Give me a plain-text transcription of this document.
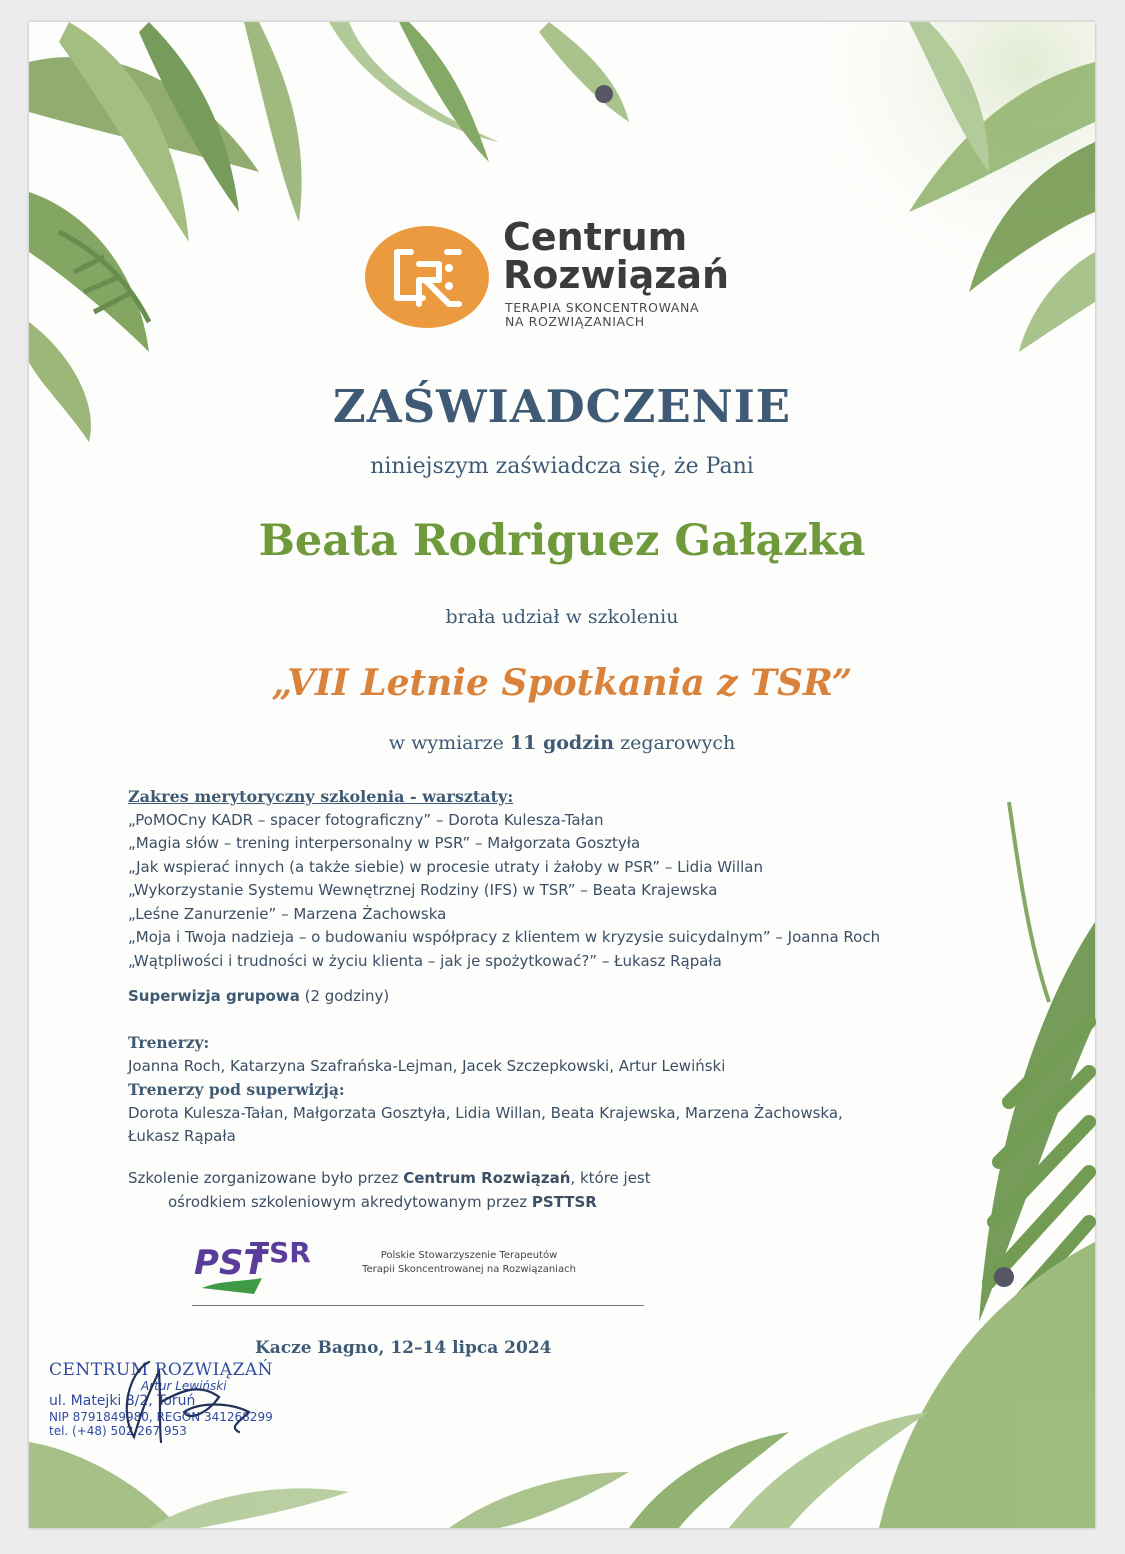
Centrum
Rozwiązań
TERAPIA SKONCENTROWANA
NA ROZWIĄZANIACH
ZAŚWIADCZENIE
niniejszym zaświadcza się, że Pani
Beata Rodriguez Gałązka
brała udział w szkoleniu
„VII Letnie Spotkania z TSR”
w wymiarze 11 godzin zegarowych
Zakres merytoryczny szkolenia - warsztaty:
„PoMOCny KADR – spacer fotograficzny” – Dorota Kulesza-Tałan
„Magia słów – trening interpersonalny w PSR” – Małgorzata Gosztyła
„Jak wspierać innych (a także siebie) w procesie utraty i żałoby w PSR” – Lidia Willan
„Wykorzystanie Systemu Wewnętrznej Rodziny (IFS) w TSR” – Beata Krajewska
„Leśne Zanurzenie” – Marzena Żachowska
„Moja i Twoja nadzieja – o budowaniu współpracy z klientem w kryzysie suicydalnym” – Joanna Roch
„Wątpliwości i trudności w życiu klienta – jak je spożytkować?” – Łukasz Rąpała
Superwizja grupowa (2 godziny)
Trenerzy:
Joanna Roch, Katarzyna Szafrańska-Lejman, Jacek Szczepkowski, Artur Lewiński
Trenerzy pod superwizją:
Dorota Kulesza-Tałan, Małgorzata Gosztyła, Lidia Willan, Beata Krajewska, Marzena Żachowska,
Łukasz Rąpała
Szkolenie zorganizowane było przez Centrum Rozwiązań, które jest
ośrodkiem szkoleniowym akredytowanym przez PSTTSR
PST
TSR	Polskie Stowarzyszenie Terapeutów
Terapii Skoncentrowanej na Rozwiązaniach
Kacze Bagno, 12–14 lipca 2024
CENTRUM ROZWIĄZAŃ
Artur Lewiński
ul. Matejki 8/2, Toruń
NIP 8791849980, REGON 341268299
tel. (+48) 502 267 953
